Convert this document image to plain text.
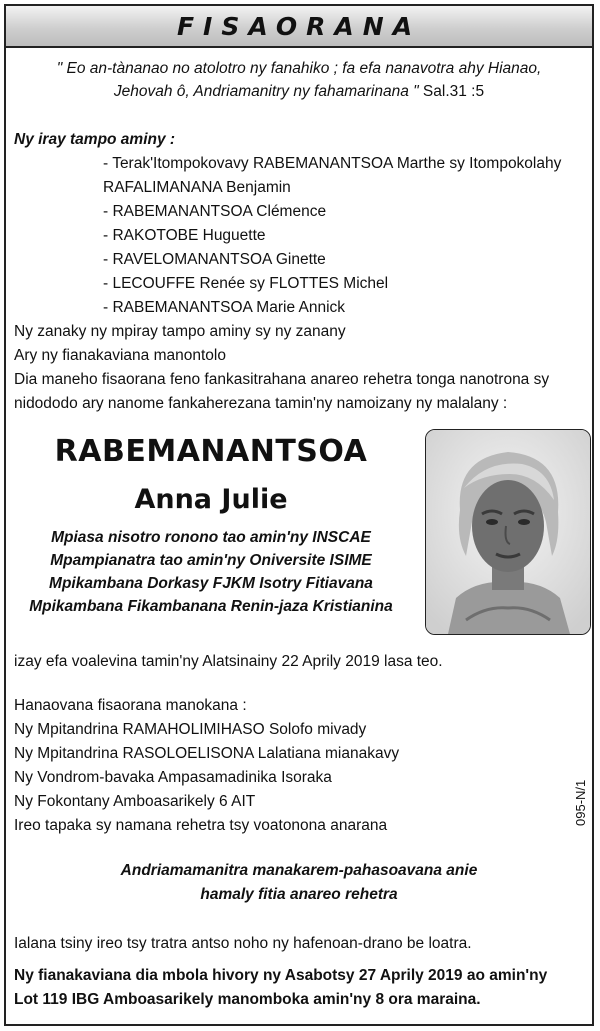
FISAORANA
" Eo an-tànanao no atolotro ny fanahiko ; fa efa nanavotra ahy Hianao,
Jehovah ô, Andriamanitry ny fahamarinana " Sal.31 :5
Ny iray tampo aminy :
- Terak'Itompokovavy RABEMANANTSOA Marthe sy Itompokolahy
RAFALIMANANA Benjamin
- RABEMANANTSOA Clémence
- RAKOTOBE Huguette
- RAVELOMANANTSOA Ginette
- LECOUFFE Renée sy FLOTTES Michel
- RABEMANANTSOA Marie Annick
Ny zanaky ny mpiray tampo aminy sy ny zanany
Ary ny fianakaviana manontolo
Dia maneho fisaorana feno fankasitrahana anareo rehetra tonga nanotrona sy
nidododo ary nanome fankaherezana tamin'ny namoizany ny malalany :
RABEMANANTSOA
Anna Julie
Mpiasa nisotro ronono tao amin'ny INSCAE
Mpampianatra tao amin'ny Oniversite ISIME
Mpikambana Dorkasy FJKM Isotry Fitiavana
Mpikambana Fikambanana Renin-jaza Kristianina
izay efa voalevina tamin'ny Alatsinainy 22 Aprily 2019 lasa teo.
Hanaovana fisaorana manokana :
Ny Mpitandrina RAMAHOLIMIHASO Solofo mivady
Ny Mpitandrina RASOLOELISONA Lalatiana mianakavy
Ny Vondrom-bavaka Ampasamadinika Isoraka
Ny Fokontany Amboasarikely 6 AIT
Ireo tapaka sy namana rehetra tsy voatonona anarana	095-N/1
Andriamamanitra manakarem-pahasoavana anie
hamaly fitia anareo rehetra
Ialana tsiny ireo tsy tratra antso noho ny hafenoan-drano be loatra.
Ny fianakaviana dia mbola hivory ny Asabotsy 27 Aprily 2019 ao amin'ny
Lot 119 IBG Amboasarikely manomboka amin'ny 8 ora maraina.
